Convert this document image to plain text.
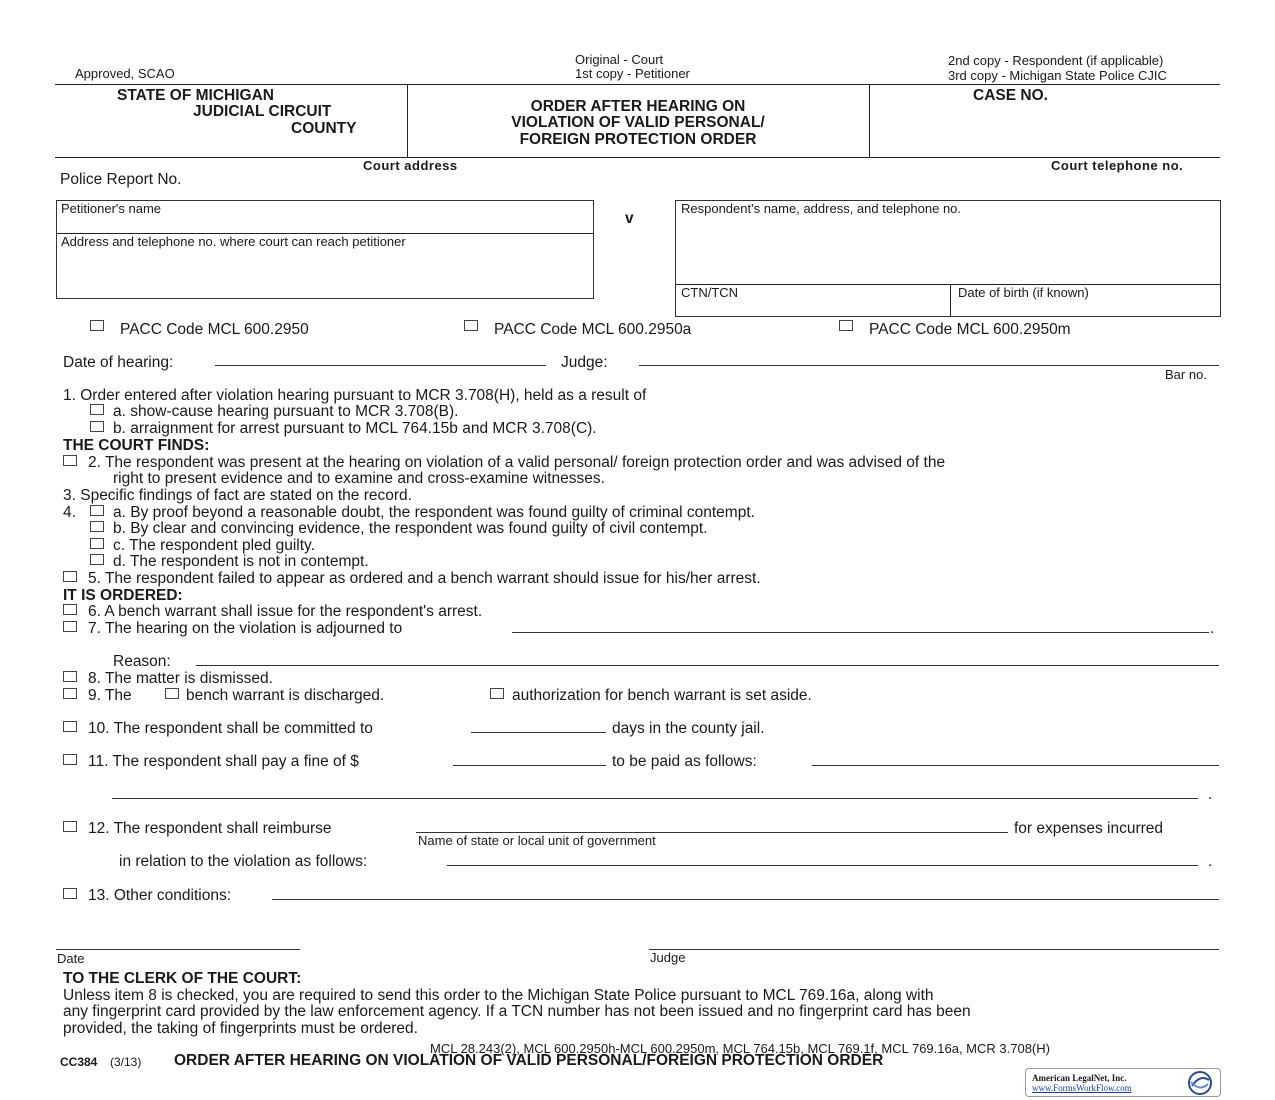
Approved, SCAO
Original - Court
1st copy - Petitioner
2nd copy - Respondent (if applicable)
3rd copy - Michigan State Police CJIC
STATE OF MICHIGAN
JUDICIAL CIRCUIT
COUNTY
ORDER AFTER HEARING ON
VIOLATION OF VALID PERSONAL/
FOREIGN PROTECTION ORDER
CASE NO.
Court address	Court telephone no.
Police Report No.
Petitioner's name
Address and telephone no. where court can reach petitioner
v
Respondent's name, address, and telephone no.
CTN/TCN	Date of birth (if known)
PACC Code MCL 600.2950	PACC Code MCL 600.2950a	PACC Code MCL 600.2950m
Date of hearing:	Judge:
Bar no.
1. Order entered after violation hearing pursuant to MCR 3.708(H), held as a result of
a. show-cause hearing pursuant to MCR 3.708(B).
b. arraignment for arrest pursuant to MCL 764.15b and MCR 3.708(C).
THE COURT FINDS:
2. The respondent was present at the hearing on violation of a valid personal/ foreign protection order and was advised of the
right to present evidence and to examine and cross-examine witnesses.
3. Specific findings of fact are stated on the record.
4. a. By proof beyond a reasonable doubt, the respondent was found guilty of criminal contempt.
b. By clear and convincing evidence, the respondent was found guilty of civil contempt.
c. The respondent pled guilty.
d. The respondent is not in contempt.
5. The respondent failed to appear as ordered and a bench warrant should issue for his/her arrest.
IT IS ORDERED:
6. A bench warrant shall issue for the respondent's arrest.
7. The hearing on the violation is adjourned to	.
Reason:
8. The matter is dismissed.
9. The	bench warrant is discharged.	authorization for bench warrant is set aside.
10. The respondent shall be committed to	days in the county jail.
11. The respondent shall pay a fine of $	to be paid as follows:
.
12. The respondent shall reimburse
Name of state or local unit of government
for expenses incurred
in relation to the violation as follows:	.
13. Other conditions:
Date	Judge
TO THE CLERK OF THE COURT:
Unless item 8 is checked, you are required to send this order to the Michigan State Police pursuant to MCL 769.16a, along with
any fingerprint card provided by the law enforcement agency. If a TCN number has not been issued and no fingerprint card has been
provided, the taking of fingerprints must be ordered.
MCL 28.243(2), MCL 600.2950h-MCL 600.2950m, MCL 764.15b, MCL 769.1f, MCL 769.16a, MCR 3.708(H)
CC384 (3/13) ORDER AFTER HEARING ON VIOLATION OF VALID PERSONAL/FOREIGN PROTECTION ORDER
American LegalNet, Inc.
www.FormsWorkFlow.com
